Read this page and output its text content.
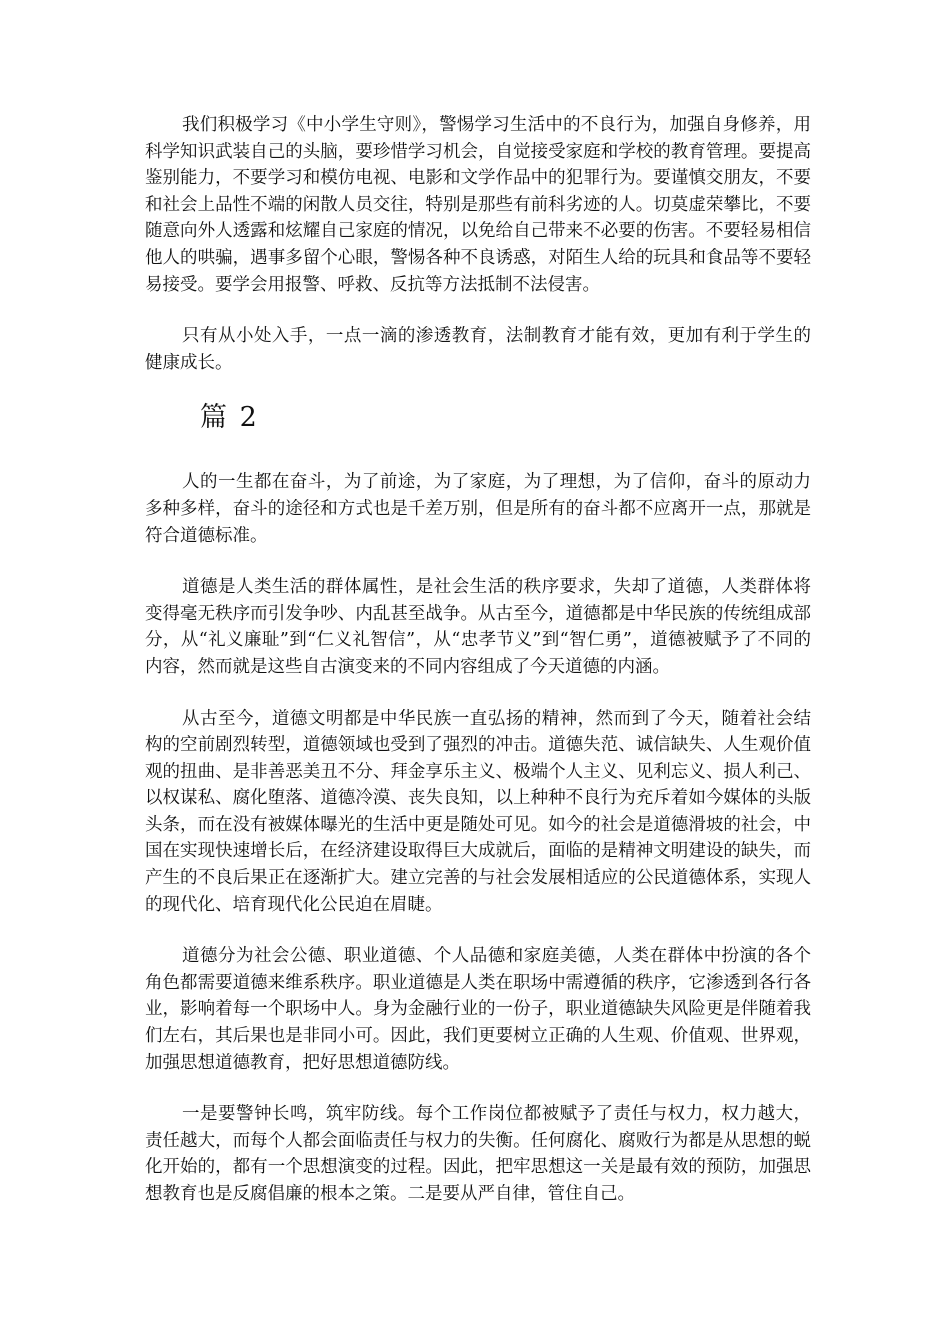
我们积极学习《中小学生守则》，警惕学习生活中的不良行为，加强自身修养，用科学知识武装自己的头脑，要珍惜学习机会，自觉接受家庭和学校的教育管理。要提高鉴别能力，不要学习和模仿电视、电影和文学作品中的犯罪行为。要谨慎交朋友，不要和社会上品性不端的闲散人员交往，特别是那些有前科劣迹的人。切莫虚荣攀比，不要随意向外人透露和炫耀自己家庭的情况，以免给自己带来不必要的伤害。不要轻易相信他人的哄骗，遇事多留个心眼，警惕各种不良诱惑，对陌生人给的玩具和食品等不要轻易接受。要学会用报警、呼救、反抗等方法抵制不法侵害。

只有从小处入手，一点一滴的渗透教育，法制教育才能有效，更加有利于学生的健康成长。

篇 2

人的一生都在奋斗，为了前途，为了家庭，为了理想，为了信仰，奋斗的原动力多种多样，奋斗的途径和方式也是千差万别，但是所有的奋斗都不应离开一点，那就是符合道德标准。

道德是人类生活的群体属性，是社会生活的秩序要求，失却了道德，人类群体将变得毫无秩序而引发争吵、内乱甚至战争。从古至今，道德都是中华民族的传统组成部分，从“礼义廉耻”到“仁义礼智信”，从“忠孝节义”到“智仁勇”，道德被赋予了不同的内容，然而就是这些自古演变来的不同内容组成了今天道德的内涵。

从古至今，道德文明都是中华民族一直弘扬的精神，然而到了今天，随着社会结构的空前剧烈转型，道德领域也受到了强烈的冲击。道德失范、诚信缺失、人生观价值观的扭曲、是非善恶美丑不分、拜金享乐主义、极端个人主义、见利忘义、损人利己、以权谋私、腐化堕落、道德冷漠、丧失良知，以上种种不良行为充斥着如今媒体的头版头条，而在没有被媒体曝光的生活中更是随处可见。如今的社会是道德滑坡的社会，中国在实现快速增长后，在经济建设取得巨大成就后，面临的是精神文明建设的缺失，而产生的不良后果正在逐渐扩大。建立完善的与社会发展相适应的公民道德体系，实现人的现代化、培育现代化公民迫在眉睫。

道德分为社会公德、职业道德、个人品德和家庭美德，人类在群体中扮演的各个角色都需要道德来维系秩序。职业道德是人类在职场中需遵循的秩序，它渗透到各行各业，影响着每一个职场中人。身为金融行业的一份子，职业道德缺失风险更是伴随着我们左右，其后果也是非同小可。因此，我们更要树立正确的人生观、价值观、世界观，加强思想道德教育，把好思想道德防线。

一是要警钟长鸣，筑牢防线。每个工作岗位都被赋予了责任与权力，权力越大，责任越大，而每个人都会面临责任与权力的失衡。任何腐化、腐败行为都是从思想的蜕化开始的，都有一个思想演变的过程。因此，把牢思想这一关是最有效的预防，加强思想教育也是反腐倡廉的根本之策。二是要从严自律，管住自己。
